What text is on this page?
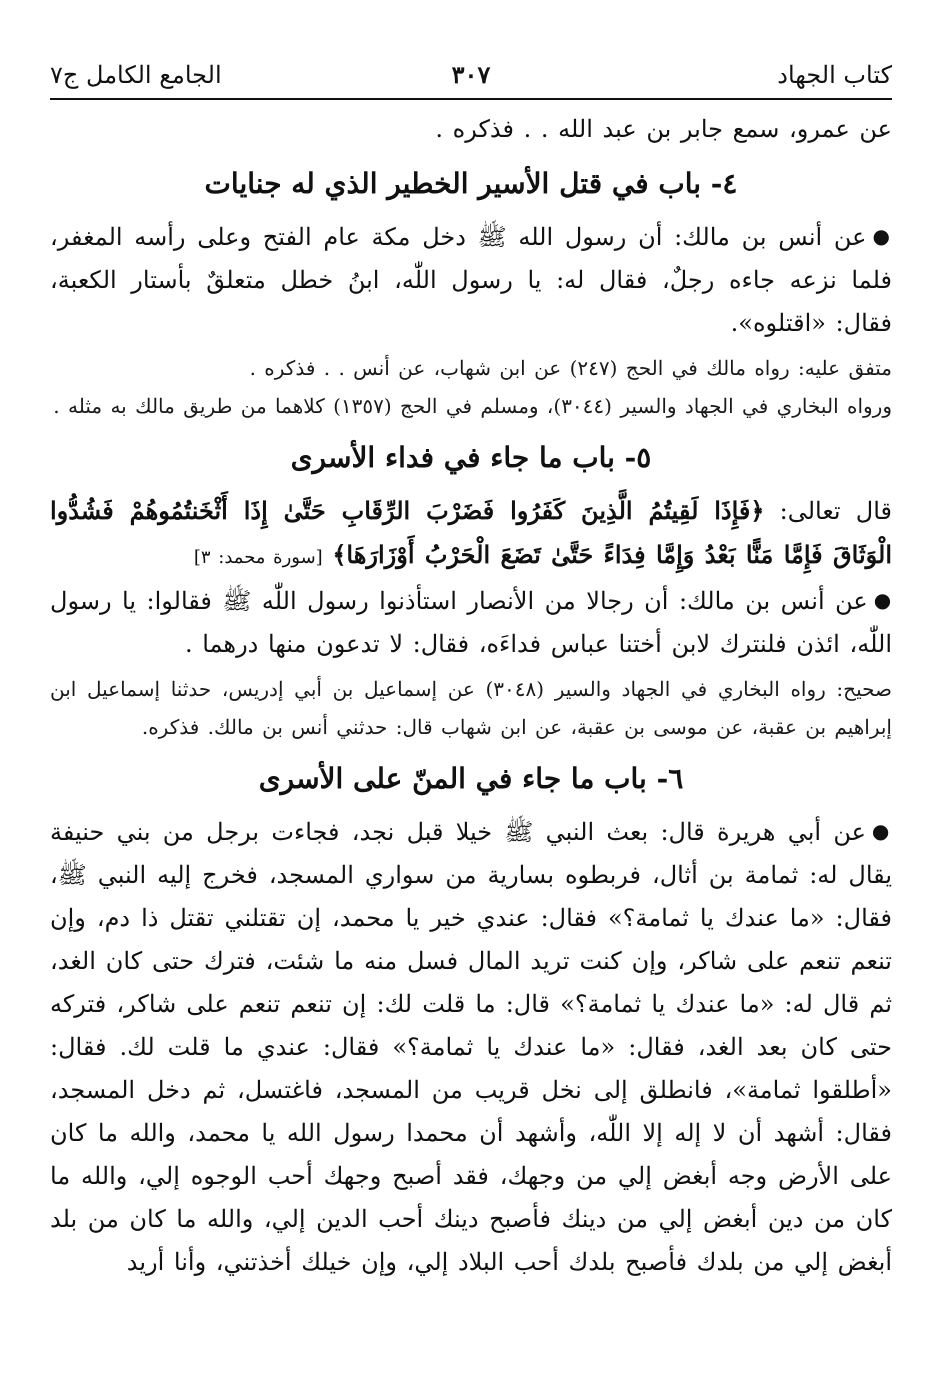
كتاب الجهاد
٣٠٧
الجامع الكامل ج٧

عن عمرو، سمع جابر بن عبد الله . . فذكره .

٤- باب في قتل الأسير الخطير الذي له جنايات

●عن أنس بن مالك: أن رسول الله ﷺ دخل مكة عام الفتح وعلى رأسه المغفر، فلما نزعه جاءه رجلٌ، فقال له: يا رسول اللّٰه، ابنُ خطل متعلقٌ بأستار الكعبة، فقال: «اقتلوه».

متفق عليه: رواه مالك في الحج (٢٤٧) عن ابن شهاب، عن أنس . . فذكره .

ورواه البخاري في الجهاد والسير (٣٠٤٤)، ومسلم في الحج (١٣٥٧) كلاهما من طريق مالك به مثله .

٥- باب ما جاء في فداء الأسرى

قال تعالى: ﴿فَإِذَا لَقِيتُمُ الَّذِينَ كَفَرُوا فَضَرْبَ الرِّقَابِ حَتَّىٰ إِذَا أَثْخَنتُمُوهُمْ فَشُدُّوا الْوَثَاقَ فَإِمَّا مَنًّا بَعْدُ وَإِمَّا فِدَاءً حَتَّىٰ تَضَعَ الْحَرْبُ أَوْزَارَهَا﴾ [سورة محمد: ٣]

●عن أنس بن مالك: أن رجالا من الأنصار استأذنوا رسول اللّٰه ﷺ فقالوا: يا رسول اللّٰه، ائذن فلنترك لابن أختنا عباس فداءَه، فقال: لا تدعون منها درهما .

صحيح: رواه البخاري في الجهاد والسير (٣٠٤٨) عن إسماعيل بن أبي إدريس، حدثنا إسماعيل ابن إبراهيم بن عقبة، عن موسى بن عقبة، عن ابن شهاب قال: حدثني أنس بن مالك. فذكره.

٦- باب ما جاء في المنّ على الأسرى

●عن أبي هريرة قال: بعث النبي ﷺ خيلا قبل نجد، فجاءت برجل من بني حنيفة يقال له: ثمامة بن أثال، فربطوه بسارية من سواري المسجد، فخرج إليه النبي ﷺ، فقال: «ما عندك يا ثمامة؟» فقال: عندي خير يا محمد، إن تقتلني تقتل ذا دم، وإن تنعم تنعم على شاكر، وإن كنت تريد المال فسل منه ما شئت، فترك حتى كان الغد، ثم قال له: «ما عندك يا ثمامة؟» قال: ما قلت لك: إن تنعم تنعم على شاكر، فتركه حتى كان بعد الغد، فقال: «ما عندك يا ثمامة؟» فقال: عندي ما قلت لك. فقال: «أطلقوا ثمامة»، فانطلق إلى نخل قريب من المسجد، فاغتسل، ثم دخل المسجد، فقال: أشهد أن لا إله إلا اللّٰه، وأشهد أن محمدا رسول الله يا محمد، والله ما كان على الأرض وجه أبغض إلي من وجهك، فقد أصبح وجهك أحب الوجوه إلي، والله ما كان من دين أبغض إلي من دينك فأصبح دينك أحب الدين إلي، والله ما كان من بلد أبغض إلي من بلدك فأصبح بلدك أحب البلاد إلي، وإن خيلك أخذتني، وأنا أريد
